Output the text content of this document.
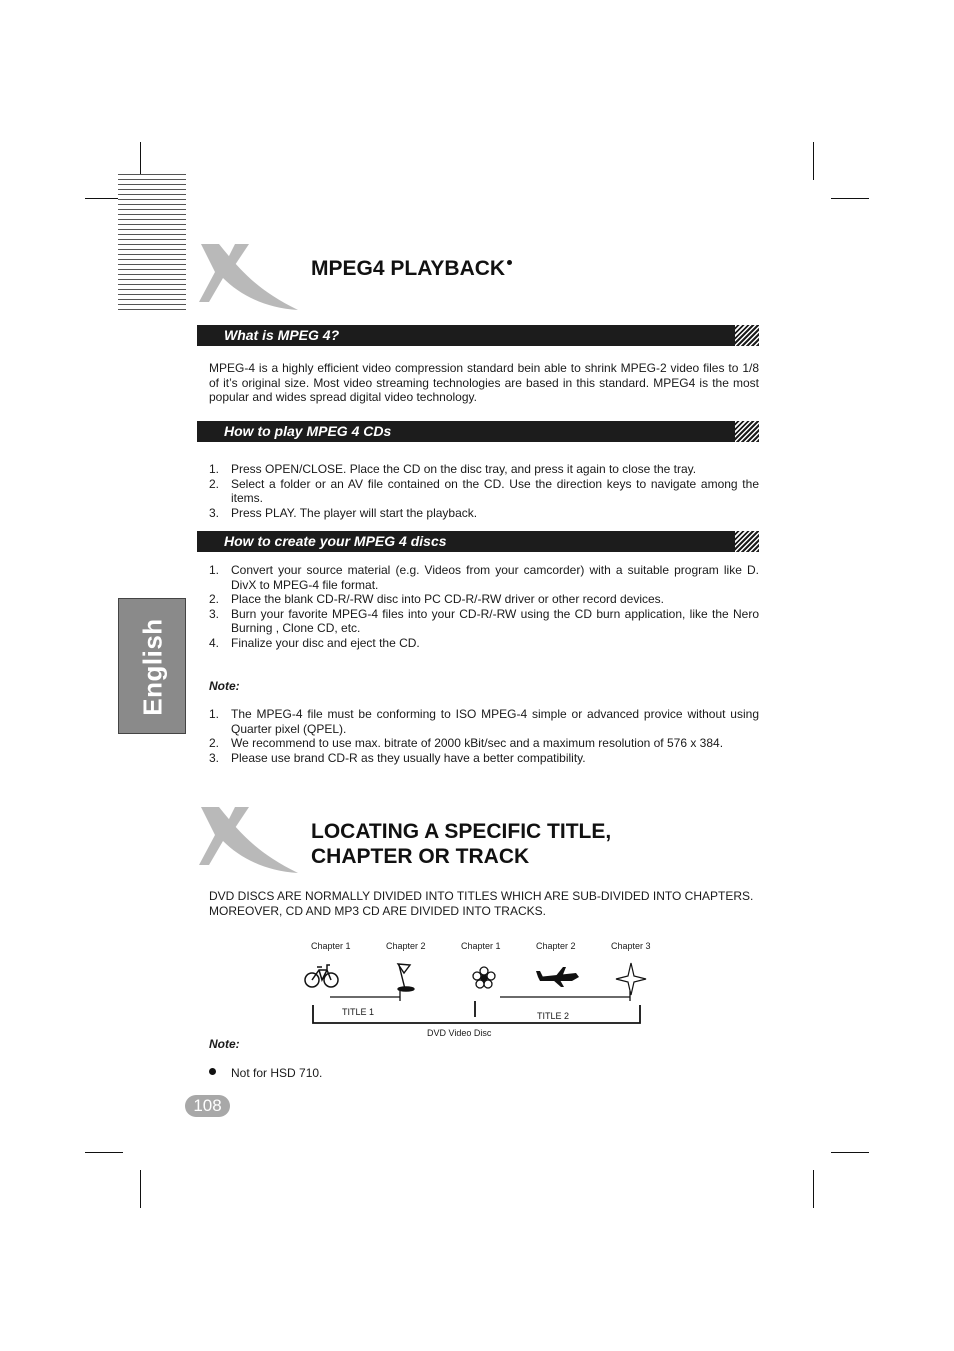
English
MPEG4 PLAYBACK
What is MPEG 4?
MPEG-4 is a highly efficient video compression standard bein able to shrink MPEG-2 video files to 1/8 of it’s original size. Most video streaming technologies are based in this standard. MPEG4 is the most popular and wides spread digital video technology.
How to play MPEG 4 CDs
1. Press OPEN/CLOSE. Place the CD on the disc tray, and press it again to close the tray.
2. Select a folder or an AV file contained on the CD. Use the direction keys to navigate among the items.
3. Press PLAY. The player will start the playback.
How to create your MPEG 4 discs
1. Convert your source material (e.g. Videos from your camcorder) with a suitable program like D. DivX to MPEG-4 file format.
2. Place the blank CD-R/-RW disc into PC CD-R/-RW driver or other record devices.
3. Burn your favorite MPEG-4 files into your CD-R/-RW using the CD burn application, like the Nero Burning , Clone CD, etc.
4. Finalize your disc and eject the CD.
Note:
1. The MPEG-4 file must be conforming to ISO MPEG-4 simple or advanced provice without using Quarter pixel (QPEL).
2. We recommend to use max. bitrate of 2000 kBit/sec and a maximum resolution of 576 x 384.
3. Please use brand CD-R as they usually have a better compatibility.
LOCATING A SPECIFIC TITLE,
CHAPTER OR TRACK
DVD DISCS ARE NORMALLY DIVIDED INTO TITLES WHICH ARE SUB-DIVIDED INTO CHAPTERS. MOREOVER, CD AND MP3 CD ARE DIVIDED INTO TRACKS.
Chapter 1	Chapter 2	Chapter 1	Chapter 2	Chapter 3
TITLE 1	TITLE 2
DVD Video Disc
Note:
Not for HSD 710.
108
